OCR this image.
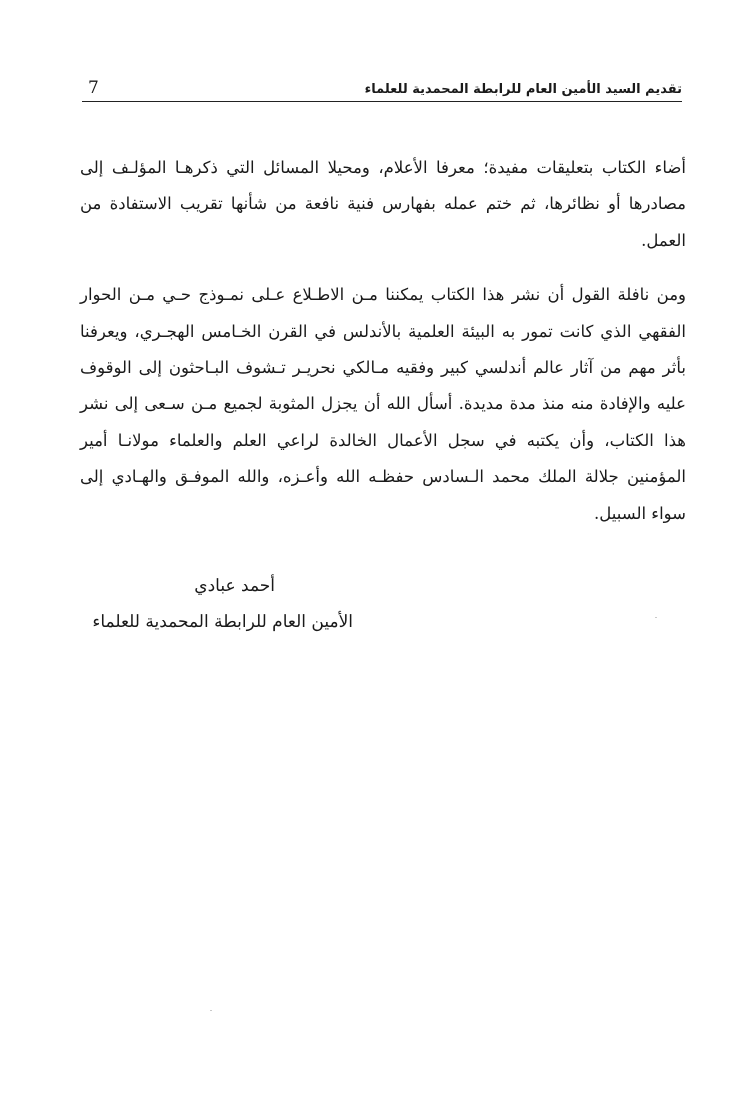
7	تقديم السيد الأمين العام للرابطة المحمدية للعلماء

أضاء الكتاب بتعليقات مفيدة؛ معرفا الأعلام، ومحيلا المسائل التي ذكرهـا المؤلـف إلى مصادرها أو نظائرها، ثم ختم عمله بفهارس فنية نافعة من شأنها تقريب الاستفادة من العمل.

ومن نافلة القول أن نشر هذا الكتاب يمكننا مـن الاطـلاع عـلى نمـوذج حـي مـن الحوار الفقهي الذي كانت تمور به البيئة العلمية بالأندلس في القرن الخـامس الهجـري، ويعرفنا بأثر مهم من آثار عالم أندلسي كبير وفقيه مـالكي نحريـر تـشوف البـاحثون إلى الوقوف عليه والإفادة منه منذ مدة مديدة. أسأل الله أن يجزل المثوبة لجميع مـن سـعى إلى نشر هذا الكتاب، وأن يكتبه في سجل الأعمال الخالدة لراعي العلم والعلماء مولانـا أمير المؤمنين جلالة الملك محمد الـسادس حفظـه الله وأعـزه، والله الموفـق والهـادي إلى سواء السبيل.

أحمد عبادي
الأمين العام للرابطة المحمدية للعلماء
